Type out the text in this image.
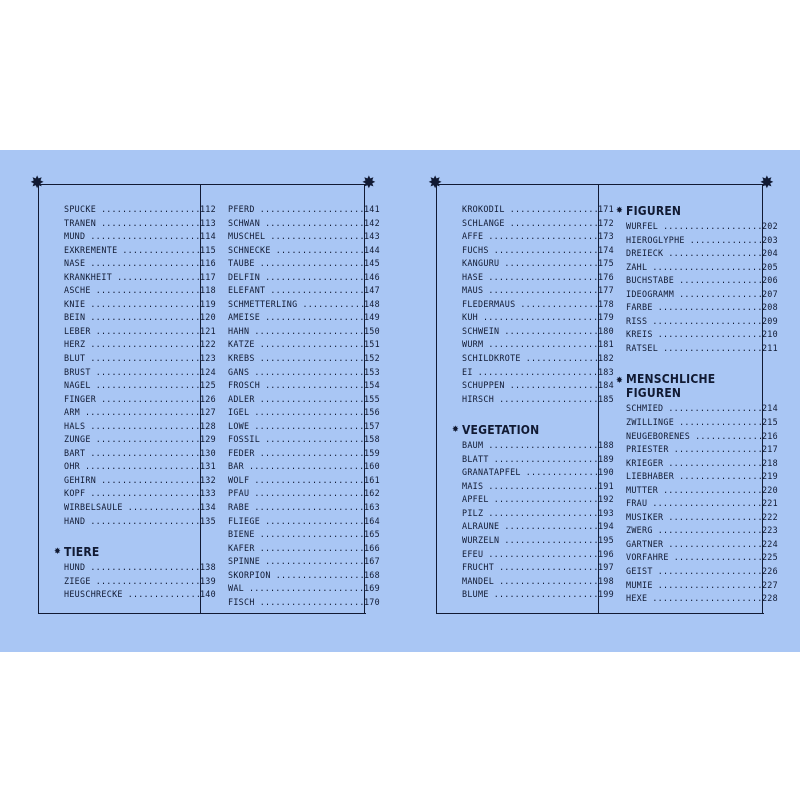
✸	✸
SPUCKE .....	112
TRANEN .....	113
MUND .....	114
EXKREMENTE .....	115
NASE .....	116
KRANKHEIT .....	117
ASCHE .....	118
KNIE .....	119
BEIN .....	120
LEBER .....	121
HERZ .....	122
BLUT .....	123
BRUST .....	124
NAGEL .....	125
FINGER .....	126
ARM .....	127
HALS .....	128
ZUNGE .....	129
BART .....	130
OHR .....	131
GEHIRN .....	132
KOPF .....	133
WIRBELSAULE .....	134
HAND .....	135
✸ TIERE
HUND .....	138
ZIEGE .....	139
HEUSCHRECKE .....	140
PFERD .....	141
SCHWAN .....	142
MUSCHEL .....	143
SCHNECKE .....	144
TAUBE .....	145
DELFIN .....	146
ELEFANT .....	147
SCHMETTERLING .....	148
AMEISE .....	149
HAHN .....	150
KATZE .....	151
KREBS .....	152
GANS .....	153
FROSCH .....	154
ADLER .....	155
IGEL .....	156
LOWE .....	157
FOSSIL .....	158
FEDER .....	159
BAR .....	160
WOLF .....	161
PFAU .....	162
RABE .....	163
FLIEGE .....	164
BIENE .....	165
KAFER .....	166
SPINNE .....	167
SKORPION .....	168
WAL .....	169
FISCH .....	170
✸	✸
KROKODIL .....	171
SCHLANGE .....	172
AFFE .....	173
FUCHS .....	174
KANGURU .....	175
HASE .....	176
MAUS .....	177
FLEDERMAUS .....	178
KUH .....	179
SCHWEIN .....	180
WURM .....	181
SCHILDKROTE .....	182
EI .....	183
SCHUPPEN .....	184
HIRSCH .....	185
✸ VEGETATION
BAUM .....	188
BLATT .....	189
GRANATAPFEL .....	190
MAIS .....	191
APFEL .....	192
PILZ .....	193
ALRAUNE .....	194
WURZELN .....	195
EFEU .....	196
FRUCHT .....	197
MANDEL .....	198
BLUME .....	199
✸ FIGUREN
WURFEL .....	202
HIEROGLYPHE .....	203
DREIECK .....	204
ZAHL .....	205
BUCHSTABE .....	206
IDEOGRAMM .....	207
FARBE .....	208
RISS .....	209
KREIS .....	210
RATSEL .....	211
✸ MENSCHLICHE
FIGUREN
SCHMIED .....	214
ZWILLINGE .....	215
NEUGEBORENES .....	216
PRIESTER .....	217
KRIEGER .....	218
LIEBHABER .....	219
MUTTER .....	220
FRAU .....	221
MUSIKER .....	222
ZWERG .....	223
GARTNER .....	224
VORFAHRE .....	225
GEIST .....	226
MUMIE .....	227
HEXE .....	228
